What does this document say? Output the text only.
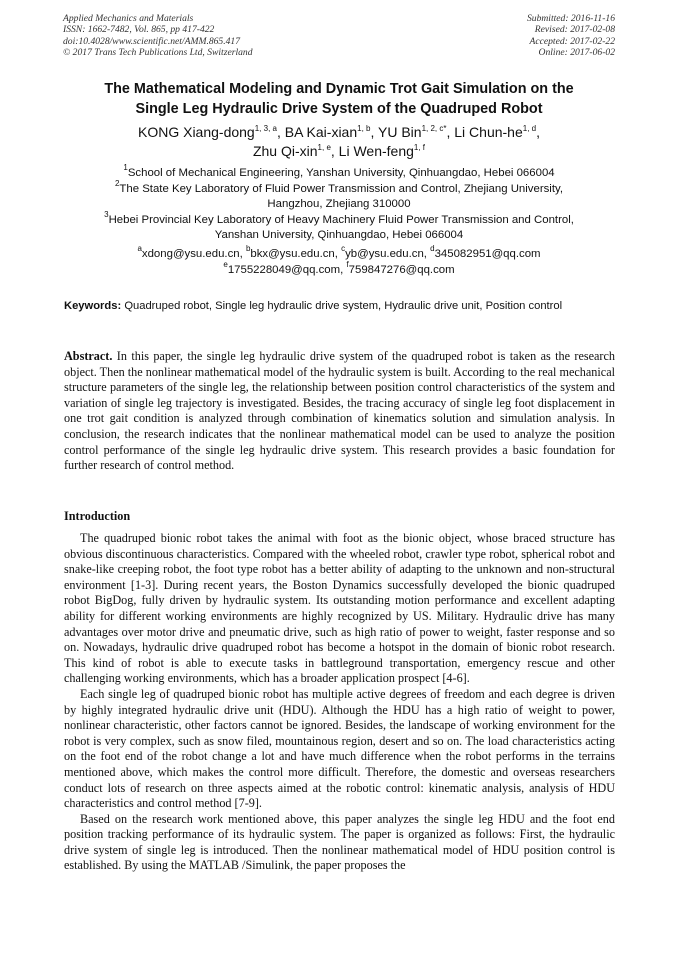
Applied Mechanics and Materials
ISSN: 1662-7482, Vol. 865, pp 417-422
doi:10.4028/www.scientific.net/AMM.865.417
© 2017 Trans Tech Publications Ltd, Switzerland
Submitted: 2016-11-16
Revised: 2017-02-08
Accepted: 2017-02-22
Online: 2017-06-02
The Mathematical Modeling and Dynamic Trot Gait Simulation on the
Single Leg Hydraulic Drive System of the Quadruped Robot
KONG Xiang-dong$^{1, 3, a}$, BA Kai-xian$^{1, b}$, YU Bin$^{1, 2, c*}$, Li Chun-he$^{1, d}$,
Zhu Qi-xin$^{1, e}$, Li Wen-feng$^{1, f}$
$^1$School of Mechanical Engineering, Yanshan University, Qinhuangdao, Hebei 066004
$^2$The State Key Laboratory of Fluid Power Transmission and Control, Zhejiang University,
Hangzhou, Zhejiang 310000
$^3$Hebei Provincial Key Laboratory of Heavy Machinery Fluid Power Transmission and Control,
Yanshan University, Qinhuangdao, Hebei 066004
$^a$xdong@ysu.edu.cn, $^b$bkx@ysu.edu.cn, $^c$yb@ysu.edu.cn, $^d$345082951@qq.com
$^e$1755228049@qq.com, $^f$759847276@qq.com
Keywords: Quadruped robot, Single leg hydraulic drive system, Hydraulic drive unit, Position control
Abstract. In this paper, the single leg hydraulic drive system of the quadruped robot is taken as the research object. Then the nonlinear mathematical model of the hydraulic system is built. According to the real mechanical structure parameters of the single leg, the relationship between position control characteristics of the system and variation of single leg trajectory is investigated. Besides, the tracing accuracy of single leg foot displacement in one trot gait condition is analyzed through combination of kinematics solution and simulation analysis. In conclusion, the research indicates that the nonlinear mathematical model can be used to analyze the position control performance of the single leg hydraulic drive system. This research provides a basic foundation for further research of control method.
Introduction

The quadruped bionic robot takes the animal with foot as the bionic object, whose braced structure has obvious discontinuous characteristics. Compared with the wheeled robot, crawler type robot, spherical robot and snake-like creeping robot, the foot type robot has a better ability of adapting to the unknown and non-structural environment [1-3]. During recent years, the Boston Dynamics successfully developed the bionic quadruped robot BigDog, fully driven by hydraulic system. Its outstanding motion performance and excellent adapting ability for different working environments are highly recognized by US. Military. Hydraulic drive has many advantages over motor drive and pneumatic drive, such as high ratio of power to weight, faster response and so on. Nowadays, hydraulic drive quadruped robot has become a hotspot in the domain of bionic robot research. This kind of robot is able to execute tasks in battleground transportation, emergency rescue and other challenging working environments, which has a broader application prospect [4-6].

Each single leg of quadruped bionic robot has multiple active degrees of freedom and each degree is driven by highly integrated hydraulic drive unit (HDU). Although the HDU has a high ratio of weight to power, nonlinear characteristic, other factors cannot be ignored. Besides, the landscape of working environment for the robot is very complex, such as snow filed, mountainous region, desert and so on. The load characteristics acting on the foot end of the robot change a lot and have much difference when the robot performs in the terrains mentioned above, which makes the control more difficult. Therefore, the domestic and overseas researchers conduct lots of research on three aspects aimed at the robotic control: kinematic analysis, analysis of HDU characteristics and control method [7-9].

Based on the research work mentioned above, this paper analyzes the single leg HDU and the foot end position tracking performance of its hydraulic system. The paper is organized as follows: First, the hydraulic drive system of single leg is introduced. Then the nonlinear mathematical model of HDU position control is established. By using the MATLAB /Simulink, the paper proposes the
